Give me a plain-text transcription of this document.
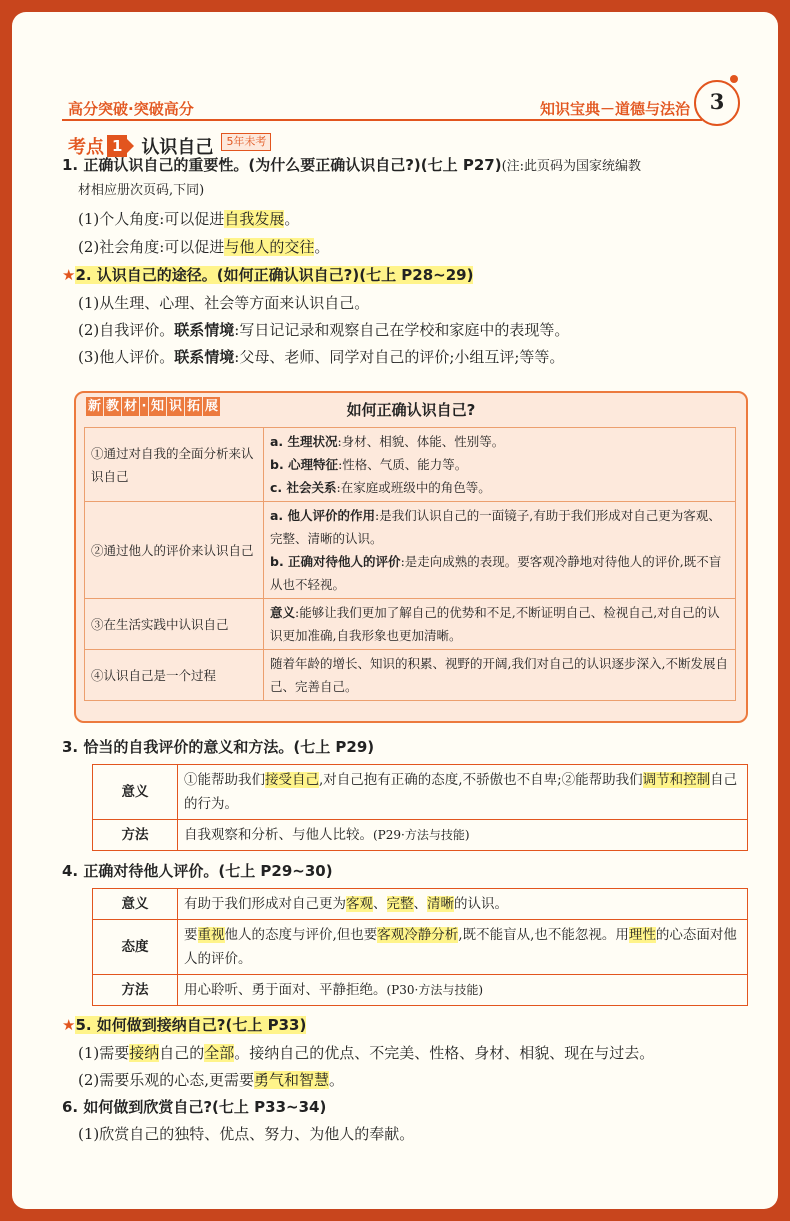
高分突破·突破高分	知识宝典－道德与法治 3
考点 1 认识自己	5年未考
1. 正确认识自己的重要性。(为什么要正确认识自己?)(七上 P27)(注:此页码为国家统编教
材相应册次页码,下同)
(1)个人角度:可以促进自我发展。
(2)社会角度:可以促进与他人的交往。
★2. 认识自己的途径。(如何正确认识自己?)(七上 P28~29)
(1)从生理、心理、社会等方面来认识自己。
(2)自我评价。联系情境:写日记记录和观察自己在学校和家庭中的表现等。
(3)他人评价。联系情境:父母、老师、同学对自己的评价;小组互评;等等。
新 教 材 · 知 识 拓 展	如何正确认识自己?
①通过对自我的全面分析来认识自己	a. 生理状况:身材、相貌、体能、性别等。
b. 心理特征:性格、气质、能力等。
c. 社会关系:在家庭或班级中的角色等。

②通过他人的评价来认识自己	a. 他人评价的作用:是我们认识自己的一面镜子,有助于我们形成对自己更为客观、完整、清晰的认识。
b. 正确对待他人的评价:是走向成熟的表现。要客观冷静地对待他人的评价,既不盲从也不轻视。

③在生活实践中认识自己	意义:能够让我们更加了解自己的优势和不足,不断证明自己、检视自己,对自己的认识更加准确,自我形象也更加清晰。

④认识自己是一个过程	随着年龄的增长、知识的积累、视野的开阔,我们对自己的认识逐步深入,不断发展自己、完善自己。
3. 恰当的自我评价的意义和方法。(七上 P29)
意义	①能帮助我们接受自己,对自己抱有正确的态度,不骄傲也不自卑;②能帮助我们调节和控制自己的行为。
方法	自我观察和分析、与他人比较。(P29·方法与技能)
4. 正确对待他人评价。(七上 P29~30)
意义	有助于我们形成对自己更为客观、完整、清晰的认识。
态度	要重视他人的态度与评价,但也要客观冷静分析,既不能盲从,也不能忽视。用理性的心态面对他人的评价。
方法	用心聆听、勇于面对、平静拒绝。(P30·方法与技能)
★5. 如何做到接纳自己?(七上 P33)
(1)需要接纳自己的全部。接纳自己的优点、不完美、性格、身材、相貌、现在与过去。
(2)需要乐观的心态,更需要勇气和智慧。
6. 如何做到欣赏自己?(七上 P33~34)
(1)欣赏自己的独特、优点、努力、为他人的奉献。
